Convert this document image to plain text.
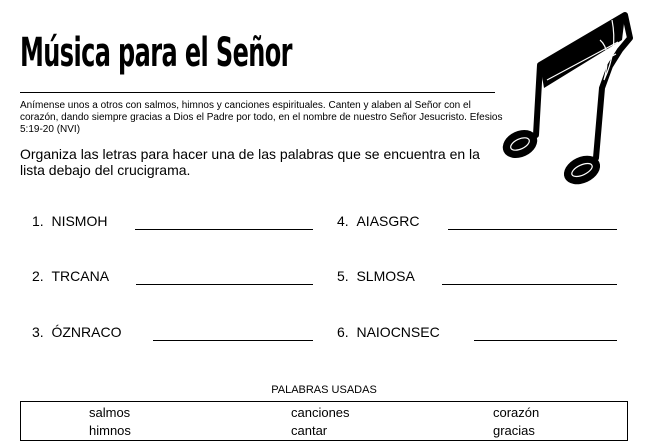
Música para el Señor
Anímense unos a otros con salmos, himnos y canciones espirituales. Canten y alaben al Señor con el corazón, dando siempre gracias a Dios el Padre por todo, en el nombre de nuestro Señor Jesucristo. Efesios 5:19-20 (NVI)
Organiza las letras para hacer una de las palabras que se encuentra en la lista debajo del crucigrama.
1. NISMOH
2. TRCANA
3. ÓZNRACO
4. AIASGRC
5. SLMOSA
6. NAIOCNSEC
PALABRAS USADAS
salmos	canciones	corazón
himnos	cantar	gracias
